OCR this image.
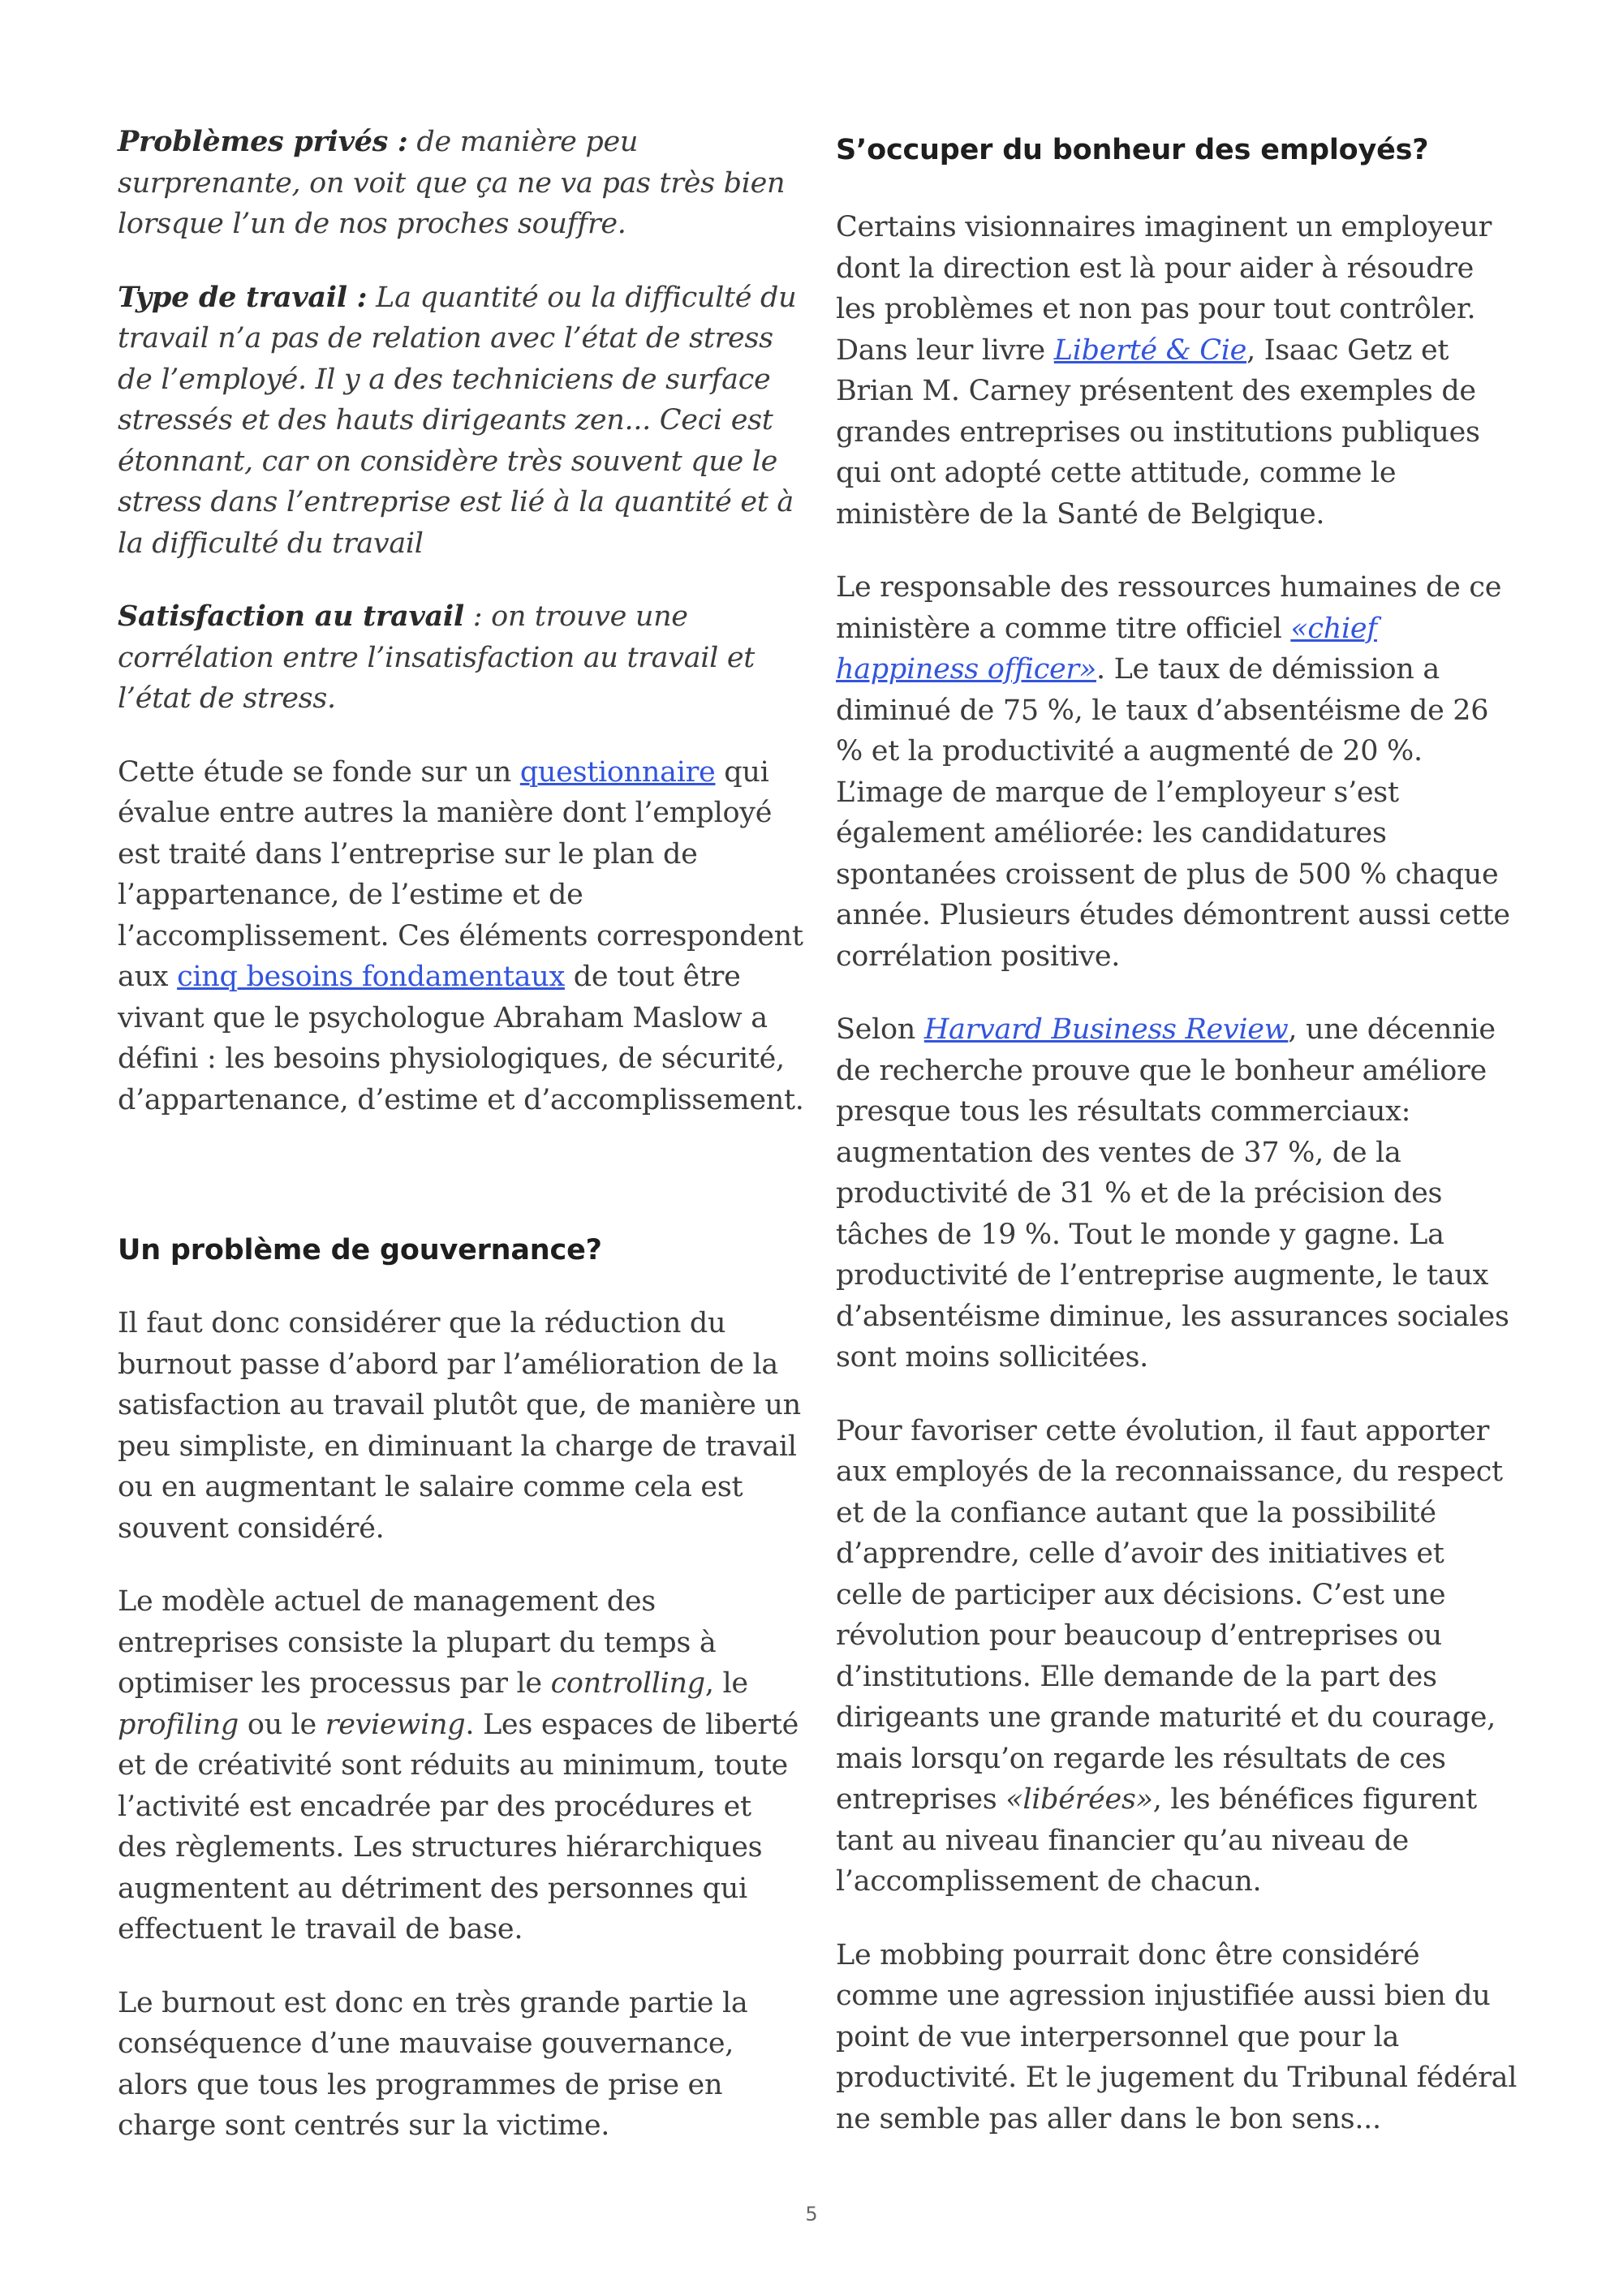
Problèmes privés : de manière peu surprenante, on voit que ça ne va pas très bien lorsque l’un de nos proches souffre.

Type de travail : La quantité ou la difficulté du travail n’a pas de relation avec l’état de stress de l’employé. Il y a des techniciens de surface stressés et des hauts dirigeants zen... Ceci est étonnant, car on considère très souvent que le stress dans l’entreprise est lié à la quantité et à la difficulté du travail

Satisfaction au travail : on trouve une corrélation entre l’insatisfaction au travail et l’état de stress.

Cette étude se fonde sur un questionnaire qui évalue entre autres la manière dont l’employé est traité dans l’entreprise sur le plan de l’appartenance, de l’estime et de l’accomplissement. Ces éléments correspondent aux cinq besoins fondamentaux de tout être vivant que le psychologue Abraham Maslow a défini : les besoins physiologiques, de sécurité, d’appartenance, d’estime et d’accomplissement.

Un problème de gouvernance?

Il faut donc considérer que la réduction du burnout passe d’abord par l’amélioration de la satisfaction au travail plutôt que, de manière un peu simpliste, en diminuant la charge de travail ou en augmentant le salaire comme cela est souvent considéré.

Le modèle actuel de management des entreprises consiste la plupart du temps à optimiser les processus par le controlling, le profiling ou le reviewing. Les espaces de liberté et de créativité sont réduits au minimum, toute l’activité est encadrée par des procédures et des règlements. Les structures hiérarchiques augmentent au détriment des personnes qui effectuent le travail de base.

Le burnout est donc en très grande partie la conséquence d’une mauvaise gouvernance, alors que tous les programmes de prise en charge sont centrés sur la victime.

S’occuper du bonheur des employés?

Certains visionnaires imaginent un employeur dont la direction est là pour aider à résoudre les problèmes et non pas pour tout contrôler. Dans leur livre Liberté & Cie, Isaac Getz et Brian M. Carney présentent des exemples de grandes entreprises ou institutions publiques qui ont adopté cette attitude, comme le ministère de la Santé de Belgique.

Le responsable des ressources humaines de ce ministère a comme titre officiel «chief happiness officer». Le taux de démission a diminué de 75 %, le taux d’absentéisme de 26 % et la productivité a augmenté de 20 %. L’image de marque de l’employeur s’est également améliorée: les candidatures spontanées croissent de plus de 500 % chaque année. Plusieurs études démontrent aussi cette corrélation positive.

Selon Harvard Business Review, une décennie de recherche prouve que le bonheur améliore presque tous les résultats commerciaux: augmentation des ventes de 37 %, de la productivité de 31 % et de la précision des tâches de 19 %. Tout le monde y gagne. La productivité de l’entreprise augmente, le taux d’absentéisme diminue, les assurances sociales sont moins sollicitées.

Pour favoriser cette évolution, il faut apporter aux employés de la reconnaissance, du respect et de la confiance autant que la possibilité d’apprendre, celle d’avoir des initiatives et celle de participer aux décisions. C’est une révolution pour beaucoup d’entreprises ou d’institutions. Elle demande de la part des dirigeants une grande maturité et du courage, mais lorsqu’on regarde les résultats de ces entreprises «libérées», les bénéfices figurent tant au niveau financier qu’au niveau de l’accomplissement de chacun.

Le mobbing pourrait donc être considéré comme une agression injustifiée aussi bien du point de vue interpersonnel que pour la productivité. Et le jugement du Tribunal fédéral ne semble pas aller dans le bon sens...

5
